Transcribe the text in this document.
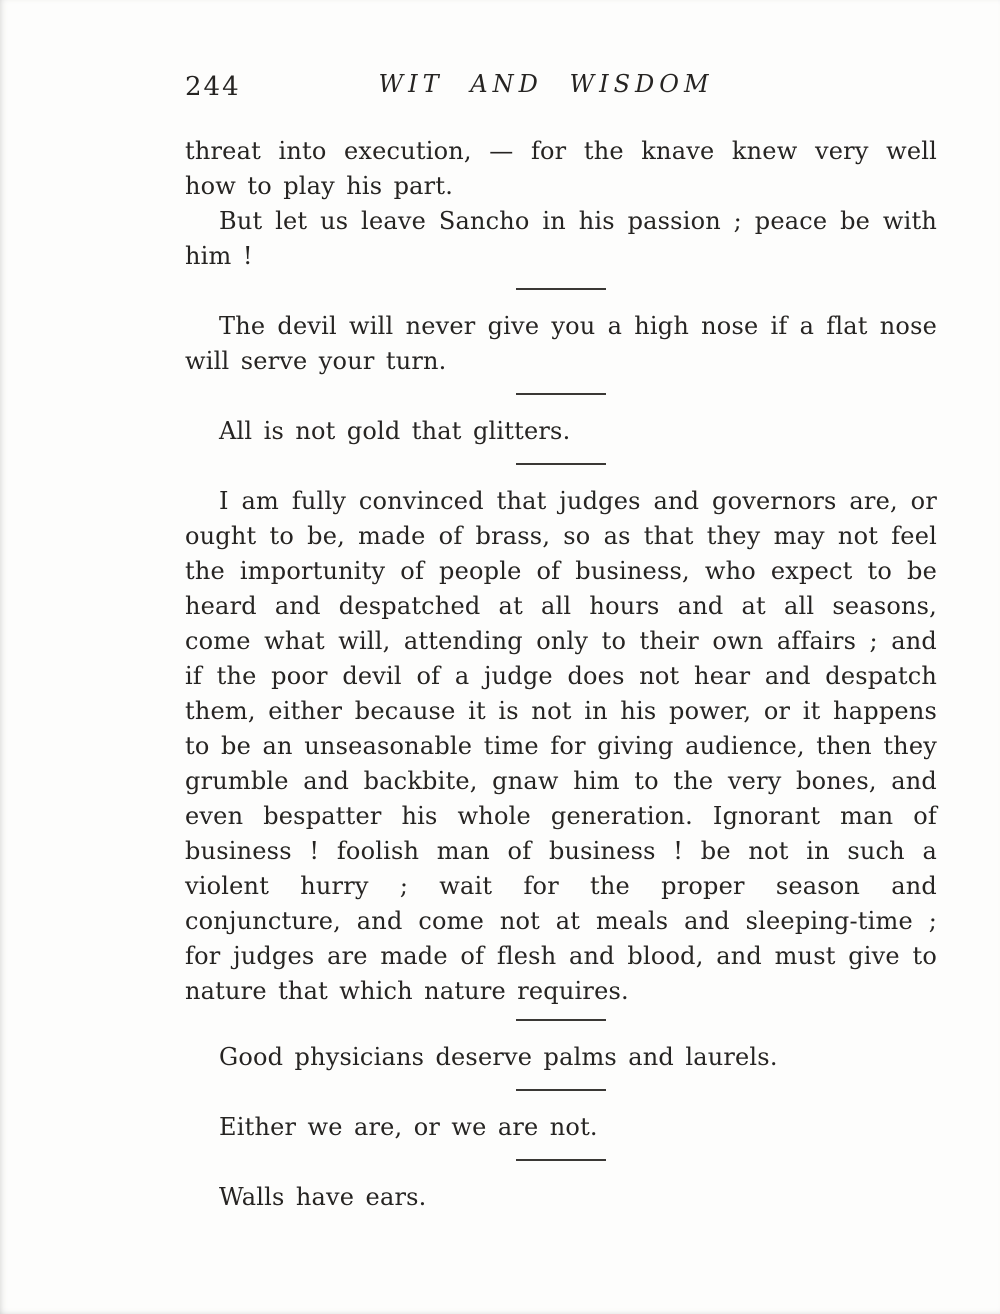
244	WIT AND WISDOM

threat into execution, — for the knave knew very well how to play his part.

But let us leave Sancho in his passion ; peace be with him !

The devil will never give you a high nose if a flat nose will serve your turn.

All is not gold that glitters.

I am fully convinced that judges and governors are, or ought to be, made of brass, so as that they may not feel the importunity of people of business, who expect to be heard and despatched at all hours and at all seasons, come what will, attending only to their own affairs ; and if the poor devil of a judge does not hear and despatch them, either because it is not in his power, or it happens to be an unseasonable time for giving audience, then they grumble and backbite, gnaw him to the very bones, and even bespatter his whole generation. Ignorant man of business ! foolish man of business ! be not in such a violent hurry ; wait for the proper season and conjuncture, and come not at meals and sleeping-time ; for judges are made of flesh and blood, and must give to nature that which nature requires.

Good physicians deserve palms and laurels.

Either we are, or we are not.

Walls have ears.
